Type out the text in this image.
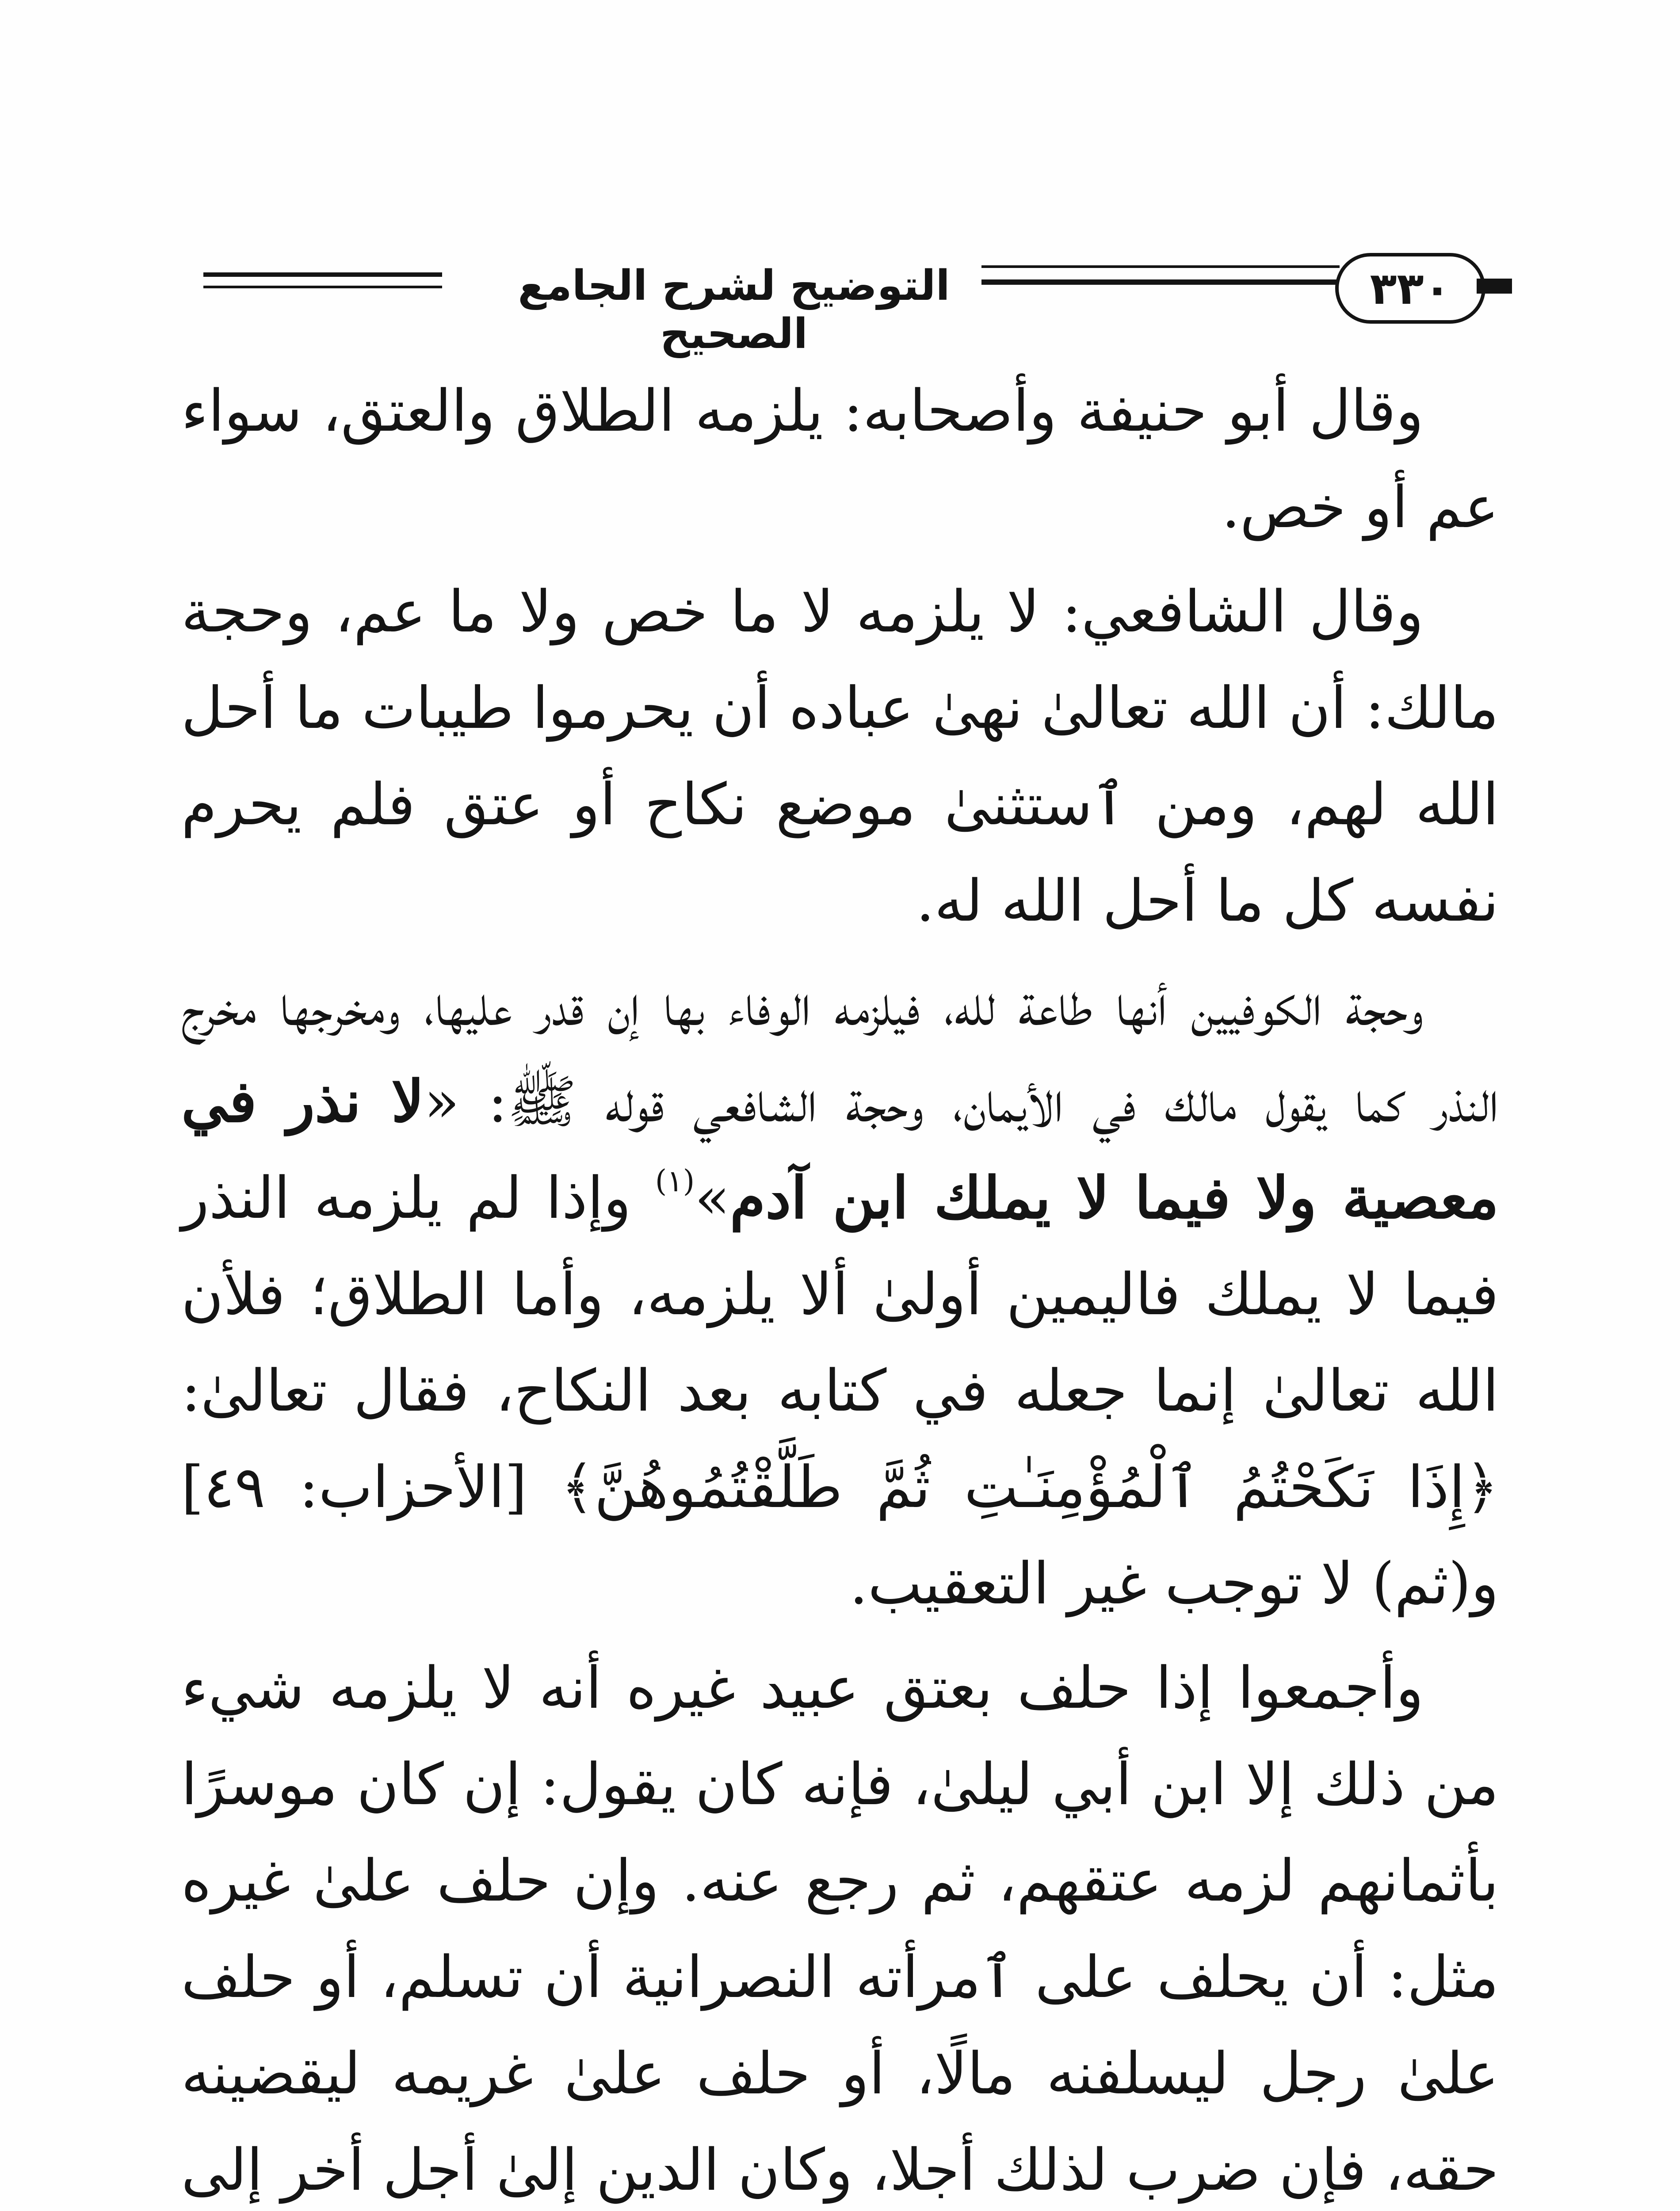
التوضيح لشرح الجامع الصحيح
٣٣٠

وقال أبو حنيفة وأصحابه: يلزمه الطلاق والعتق، سواء عم أو خص.

وقال الشافعي: لا يلزمه لا ما خص ولا ما عم، وحجة مالك: أن الله تعالىٰ نهىٰ عباده أن يحرموا طيبات ما أحل الله لهم، ومن ٱستثنىٰ موضع نكاح أو عتق فلم يحرم نفسه كل ما أحل الله له.

وحجة الكوفيين أنها طاعة لله، فيلزمه الوفاء بها إن قدر عليها، ومخرجها مخرج النذر كما يقول مالك في الأيمان، وحجة الشافعي قوله ﷺ: «لا نذر في معصية ولا فيما لا يملك ابن آدم»$^{(١)}$ وإذا لم يلزمه النذر فيما لا يملك فاليمين أولىٰ ألا يلزمه، وأما الطلاق؛ فلأن الله تعالىٰ إنما جعله في كتابه بعد النكاح، فقال تعالىٰ: ﴿إِذَا نَكَحْتُمُ ٱلْمُؤْمِنَـٰتِ ثُمَّ طَلَّقْتُمُوهُنَّ﴾ [الأحزاب: ٤٩] و(ثم) لا توجب غير التعقيب.

وأجمعوا إذا حلف بعتق عبيد غيره أنه لا يلزمه شيء من ذلك إلا ابن أبي ليلىٰ، فإنه كان يقول: إن كان موسرًا بأثمانهم لزمه عتقهم، ثم رجع عنه. وإن حلف علىٰ غيره مثل: أن يحلف على ٱمرأته النصرانية أن تسلم، أو حلف علىٰ رجل ليسلفنه مالًا، أو حلف علىٰ غريمه ليقضينه حقه، فإن ضرب لذلك أجلا، وكان الدين إلىٰ أجل أخر إلى
